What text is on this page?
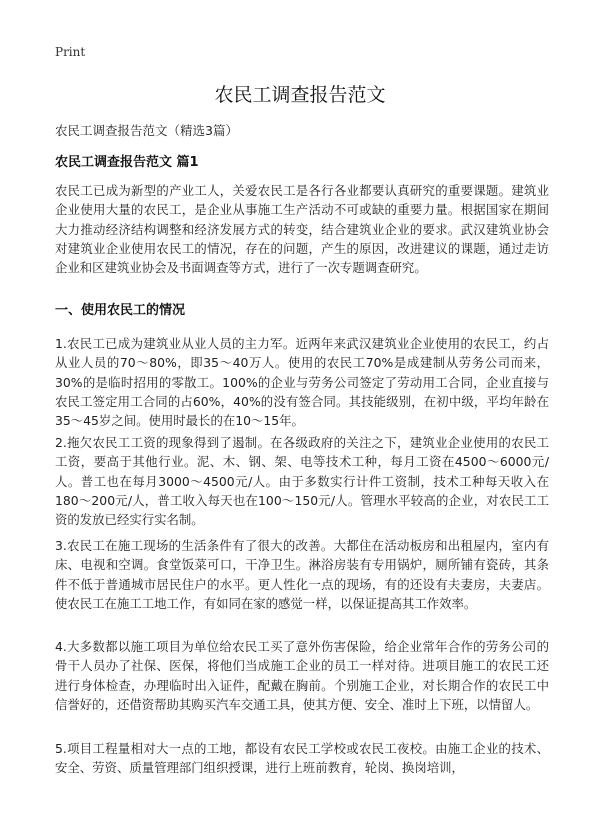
Print
农民工调查报告范文
农民工调查报告范文（精选3篇）
农民工调查报告范文 篇1
农民工已成为新型的产业工人，关爱农民工是各行各业都要认真研究的重要课题。建筑业企业使用大量的农民工，是企业从事施工生产活动不可或缺的重要力量。根据国家在期间大力推动经济结构调整和经济发展方式的转变，结合建筑业企业的要求。武汉建筑业协会对建筑业企业使用农民工的情况，存在的问题，产生的原因，改进建议的课题，通过走访企业和区建筑业协会及书面调查等方式，进行了一次专题调查研究。
一、使用农民工的情况
1.农民工已成为建筑业从业人员的主力军。近两年来武汉建筑业企业使用的农民工，约占从业人员的70～80%，即35～40万人。使用的农民工70%是成建制从劳务公司而来，30%的是临时招用的零散工。100%的企业与劳务公司签定了劳动用工合同，企业直接与农民工签定用工合同的占60%，40%的没有签合同。其技能级别，在初中级，平均年龄在35～45岁之间。使用时最长的在10～15年。
2.拖欠农民工工资的现象得到了遏制。在各级政府的关注之下，建筑业企业使用的农民工工资，要高于其他行业。泥、木、钢、架、电等技术工种，每月工资在4500～6000元/人。普工也在每月3000～4500元/人。由于多数实行计件工资制，技术工种每天收入在180～200元/人，普工收入每天也在100～150元/人。管理水平较高的企业，对农民工工资的发放已经实行实名制。
3.农民工在施工现场的生活条件有了很大的改善。大都住在活动板房和出租屋内，室内有床、电视和空调。食堂饭菜可口，干净卫生。淋浴房装有专用锅炉，厕所铺有瓷砖，其条件不低于普通城市居民住户的水平。更人性化一点的现场，有的还设有夫妻房，夫妻店。使农民工在施工工地工作，有如同在家的感觉一样，以保证提高其工作效率。
4.大多数都以施工项目为单位给农民工买了意外伤害保险，给企业常年合作的劳务公司的骨干人员办了社保、医保，将他们当成施工企业的员工一样对待。进项目施工的农民工还进行身体检查，办理临时出入证件，配戴在胸前。个别施工企业，对长期合作的农民工中信誉好的，还借资帮助其购买汽车交通工具，使其方便、安全、准时上下班，以情留人。
5.项目工程量相对大一点的工地，都设有农民工学校或农民工夜校。由施工企业的技术、安全、劳资、质量管理部门组织授课，进行上班前教育，轮岗、换岗培训，
